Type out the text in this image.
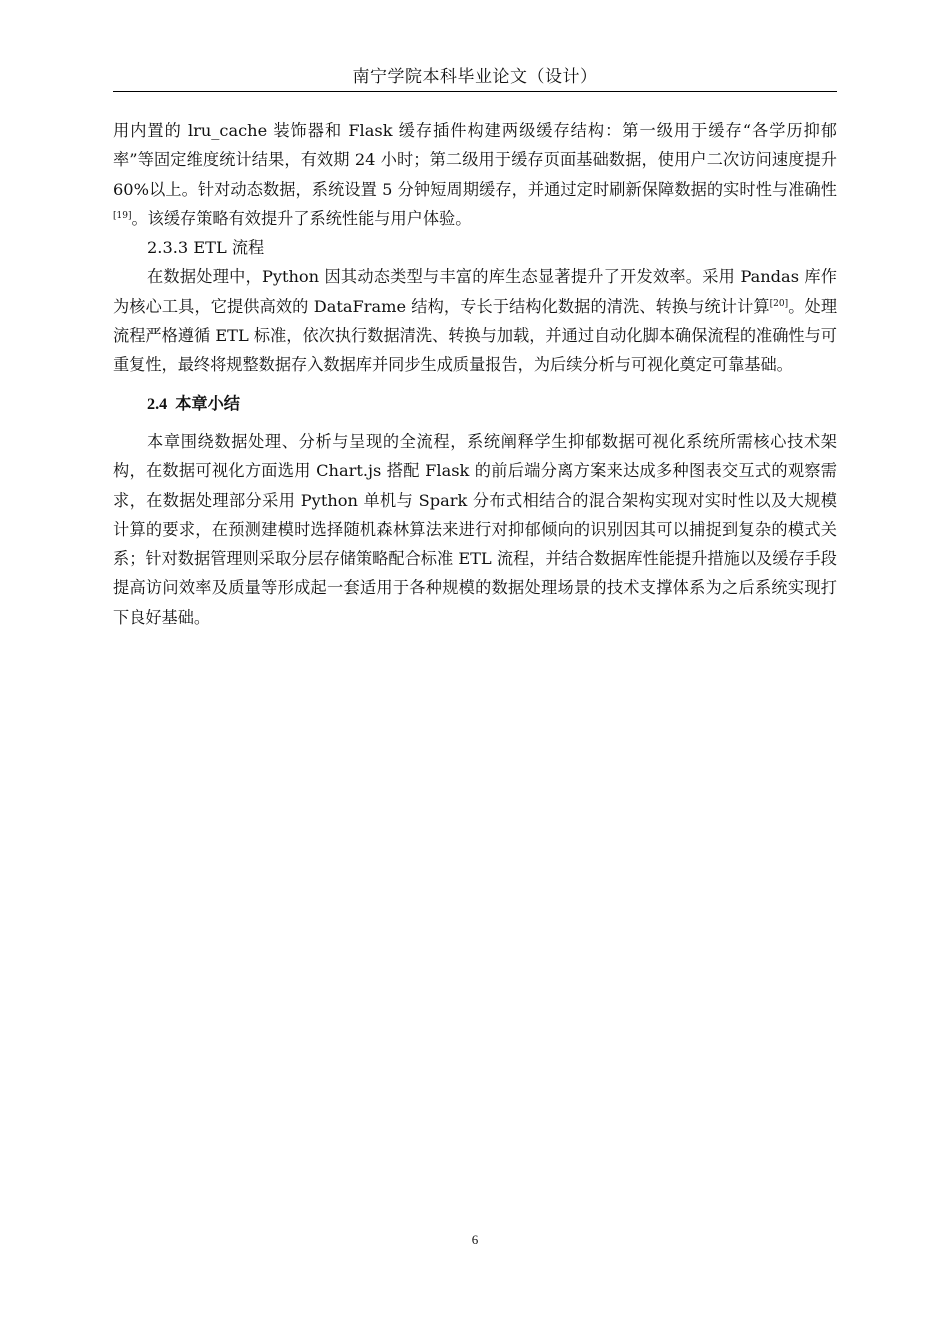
南宁学院本科毕业论文（设计）

用内置的 lru_cache 装饰器和 Flask 缓存插件构建两级缓存结构：第一级用于缓存“各学历抑郁率”等固定维度统计结果，有效期 24 小时；第二级用于缓存页面基础数据，使用户二次访问速度提升 60%以上。针对动态数据，系统设置 5 分钟短周期缓存，并通过定时刷新保障数据的实时性与准确性[19]。该缓存策略有效提升了系统性能与用户体验。

2.3.3 ETL 流程

在数据处理中，Python 因其动态类型与丰富的库生态显著提升了开发效率。采用 Pandas 库作为核心工具，它提供高效的 DataFrame 结构，专长于结构化数据的清洗、转换与统计计算[20]。处理流程严格遵循 ETL 标准，依次执行数据清洗、转换与加载，并通过自动化脚本确保流程的准确性与可重复性，最终将规整数据存入数据库并同步生成质量报告，为后续分析与可视化奠定可靠基础。

2.4 本章小结

本章围绕数据处理、分析与呈现的全流程，系统阐释学生抑郁数据可视化系统所需核心技术架构，在数据可视化方面选用 Chart.js 搭配 Flask 的前后端分离方案来达成多种图表交互式的观察需求，在数据处理部分采用 Python 单机与 Spark 分布式相结合的混合架构实现对实时性以及大规模计算的要求，在预测建模时选择随机森林算法来进行对抑郁倾向的识别因其可以捕捉到复杂的模式关系；针对数据管理则采取分层存储策略配合标准 ETL 流程，并结合数据库性能提升措施以及缓存手段提高访问效率及质量等形成起一套适用于各种规模的数据处理场景的技术支撑体系为之后系统实现打下良好基础。

6
